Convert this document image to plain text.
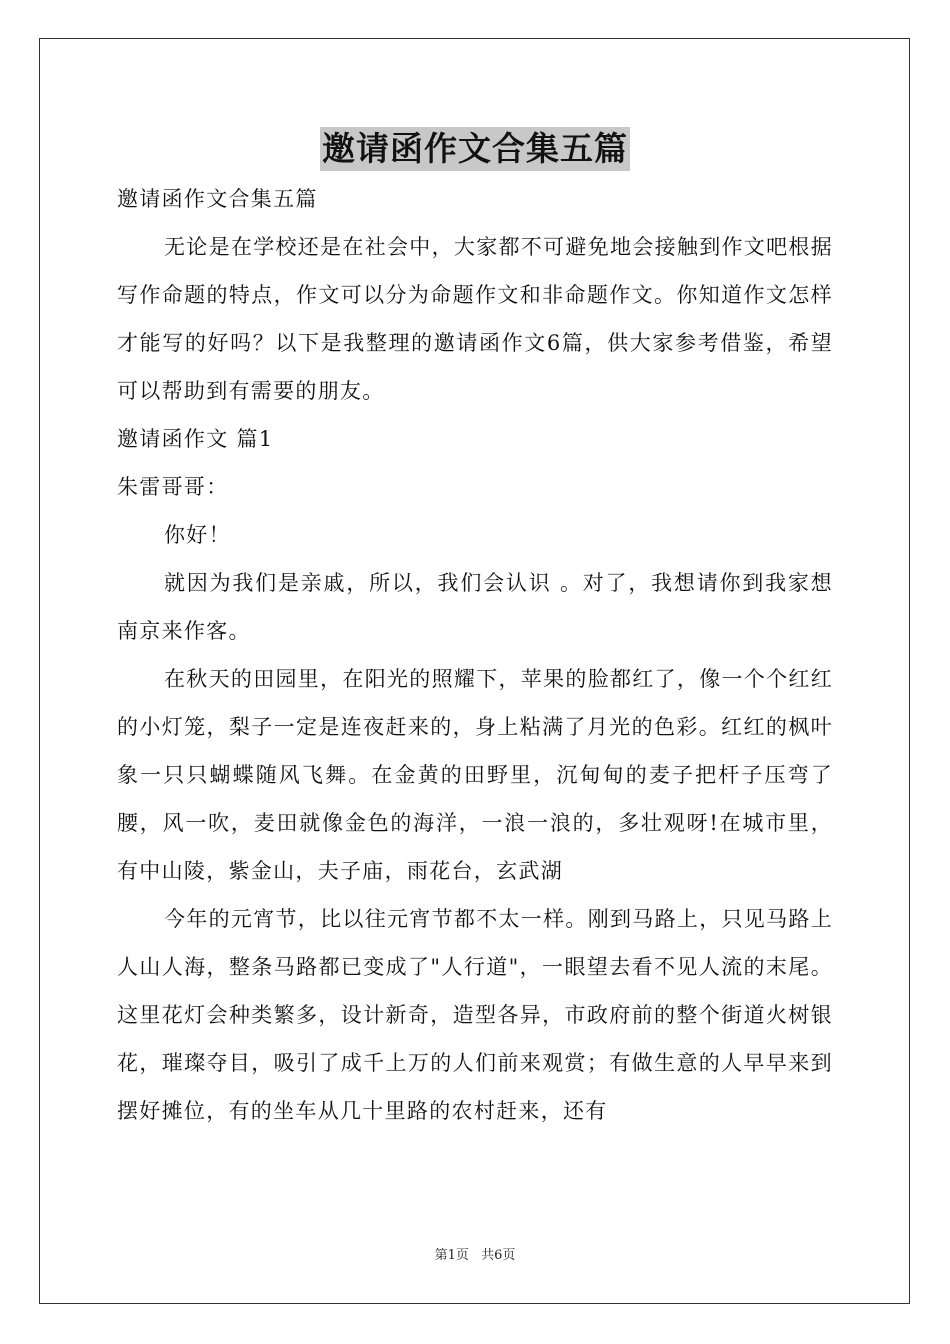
邀请函作文合集五篇

邀请函作文合集五篇

无论是在学校还是在社会中，大家都不可避免地会接触到作文吧根据写作命题的特点，作文可以分为命题作文和非命题作文。你知道作文怎样才能写的好吗？以下是我整理的邀请函作文6篇，供大家参考借鉴，希望可以帮助到有需要的朋友。

邀请函作文 篇1

朱雷哥哥：

你好！

就因为我们是亲戚，所以，我们会认识 。对了，我想请你到我家想南京来作客。

在秋天的田园里，在阳光的照耀下，苹果的脸都红了，像一个个红红的小灯笼，梨子一定是连夜赶来的，身上粘满了月光的色彩。红红的枫叶象一只只蝴蝶随风飞舞。在金黄的田野里，沉甸甸的麦子把杆子压弯了腰，风一吹，麦田就像金色的海洋，一浪一浪的，多壮观呀!在城市里，有中山陵，紫金山，夫子庙，雨花台，玄武湖

今年的元宵节，比以往元宵节都不太一样。刚到马路上，只见马路上人山人海，整条马路都已变成了"人行道"，一眼望去看不见人流的末尾。这里花灯会种类繁多，设计新奇，造型各异，市政府前的整个街道火树银花，璀璨夺目，吸引了成千上万的人们前来观赏；有做生意的人早早来到摆好摊位，有的坐车从几十里路的农村赶来，还有

第1页 共6页
